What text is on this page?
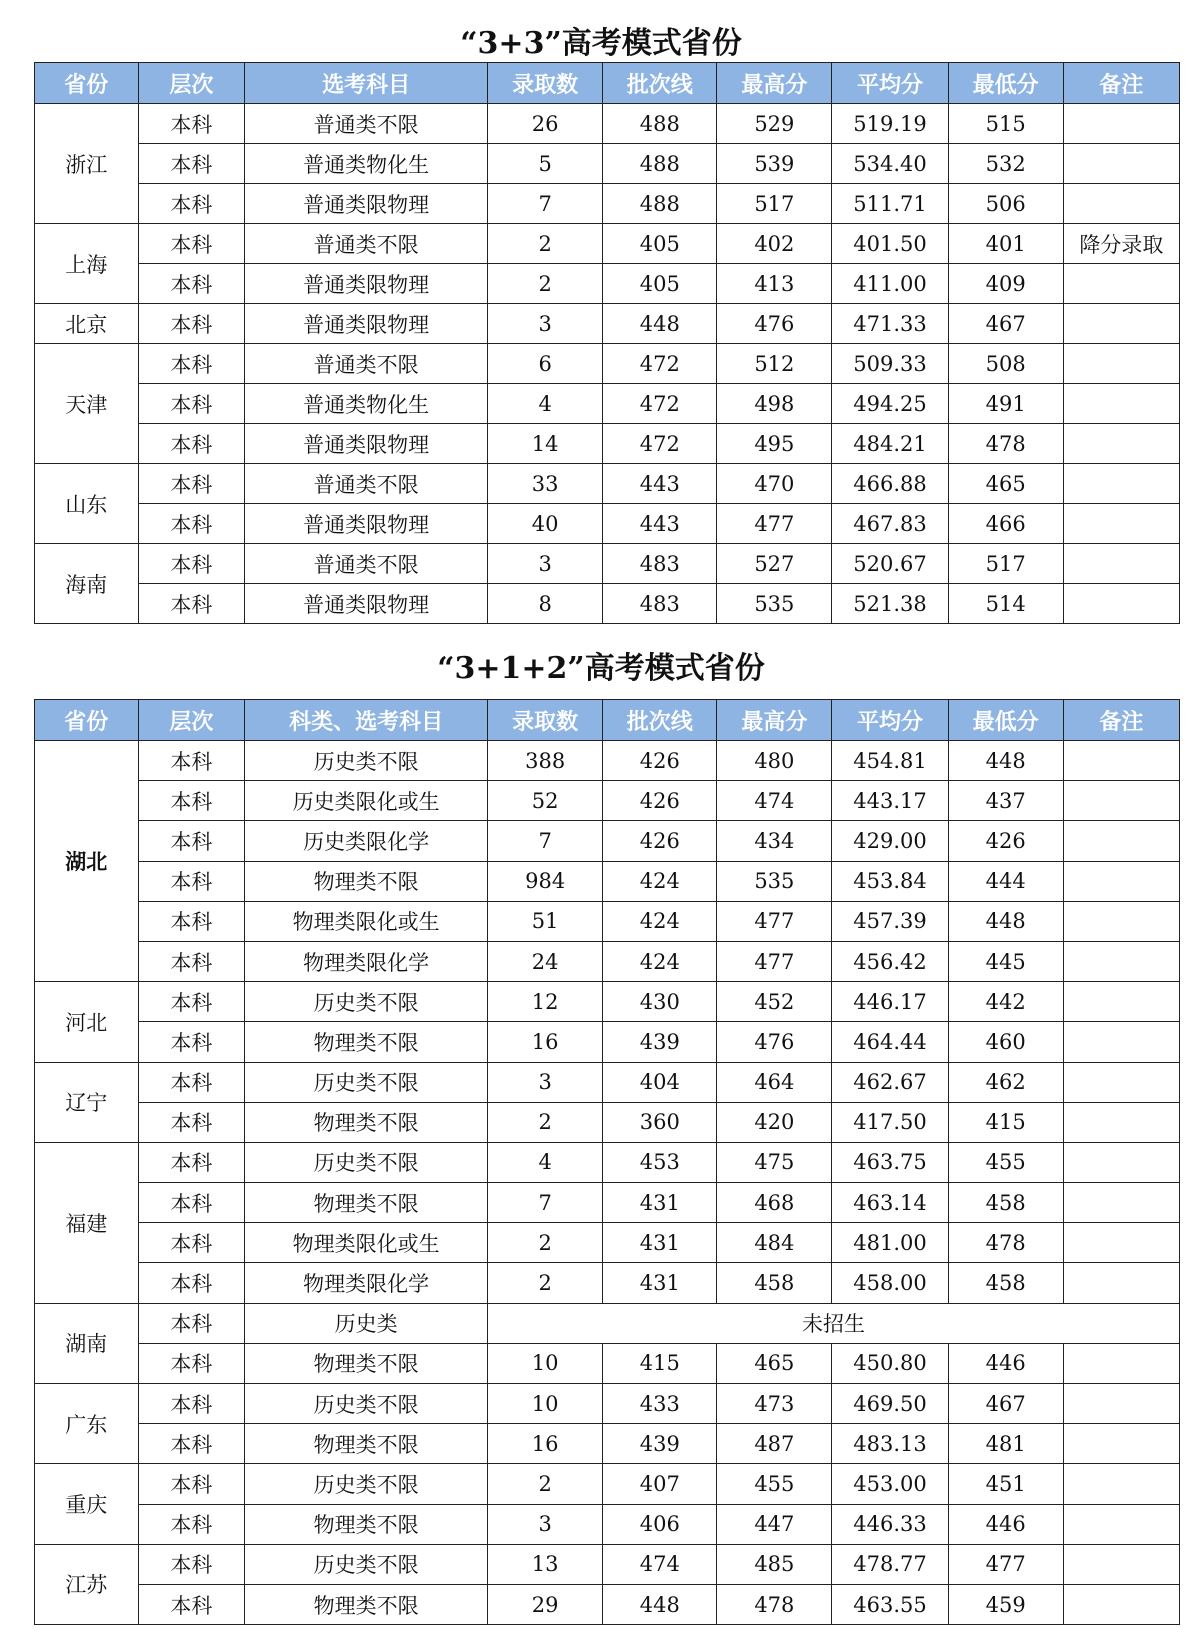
“3+3”高考模式省份
省份	层次	选考科目	录取数	批次线	最高分	平均分	最低分	备注
浙江	本科	普通类不限	26	488	529	519.19	515	
	本科	普通类物化生	5	488	539	534.40	532	
	本科	普通类限物理	7	488	517	511.71	506	
上海	本科	普通类不限	2	405	402	401.50	401	降分录取
	本科	普通类限物理	2	405	413	411.00	409	
北京	本科	普通类限物理	3	448	476	471.33	467	
天津	本科	普通类不限	6	472	512	509.33	508	
	本科	普通类物化生	4	472	498	494.25	491	
	本科	普通类限物理	14	472	495	484.21	478	
山东	本科	普通类不限	33	443	470	466.88	465	
	本科	普通类限物理	40	443	477	467.83	466	
海南	本科	普通类不限	3	483	527	520.67	517	
	本科	普通类限物理	8	483	535	521.38	514	
“3+1+2”高考模式省份
省份	层次	科类、选考科目	录取数	批次线	最高分	平均分	最低分	备注
湖北	本科	历史类不限	388	426	480	454.81	448	
	本科	历史类限化或生	52	426	474	443.17	437	
	本科	历史类限化学	7	426	434	429.00	426	
	本科	物理类不限	984	424	535	453.84	444	
	本科	物理类限化或生	51	424	477	457.39	448	
	本科	物理类限化学	24	424	477	456.42	445	
河北	本科	历史类不限	12	430	452	446.17	442	
	本科	物理类不限	16	439	476	464.44	460	
辽宁	本科	历史类不限	3	404	464	462.67	462	
	本科	物理类不限	2	360	420	417.50	415	
福建	本科	历史类不限	4	453	475	463.75	455	
	本科	物理类不限	7	431	468	463.14	458	
	本科	物理类限化或生	2	431	484	481.00	478	
	本科	物理类限化学	2	431	458	458.00	458	
湖南	本科	历史类	未招生					
	本科	物理类不限	10	415	465	450.80	446	
广东	本科	历史类不限	10	433	473	469.50	467	
	本科	物理类不限	16	439	487	483.13	481	
重庆	本科	历史类不限	2	407	455	453.00	451	
	本科	物理类不限	3	406	447	446.33	446	
江苏	本科	历史类不限	13	474	485	478.77	477	
	本科	物理类不限	29	448	478	463.55	459	
